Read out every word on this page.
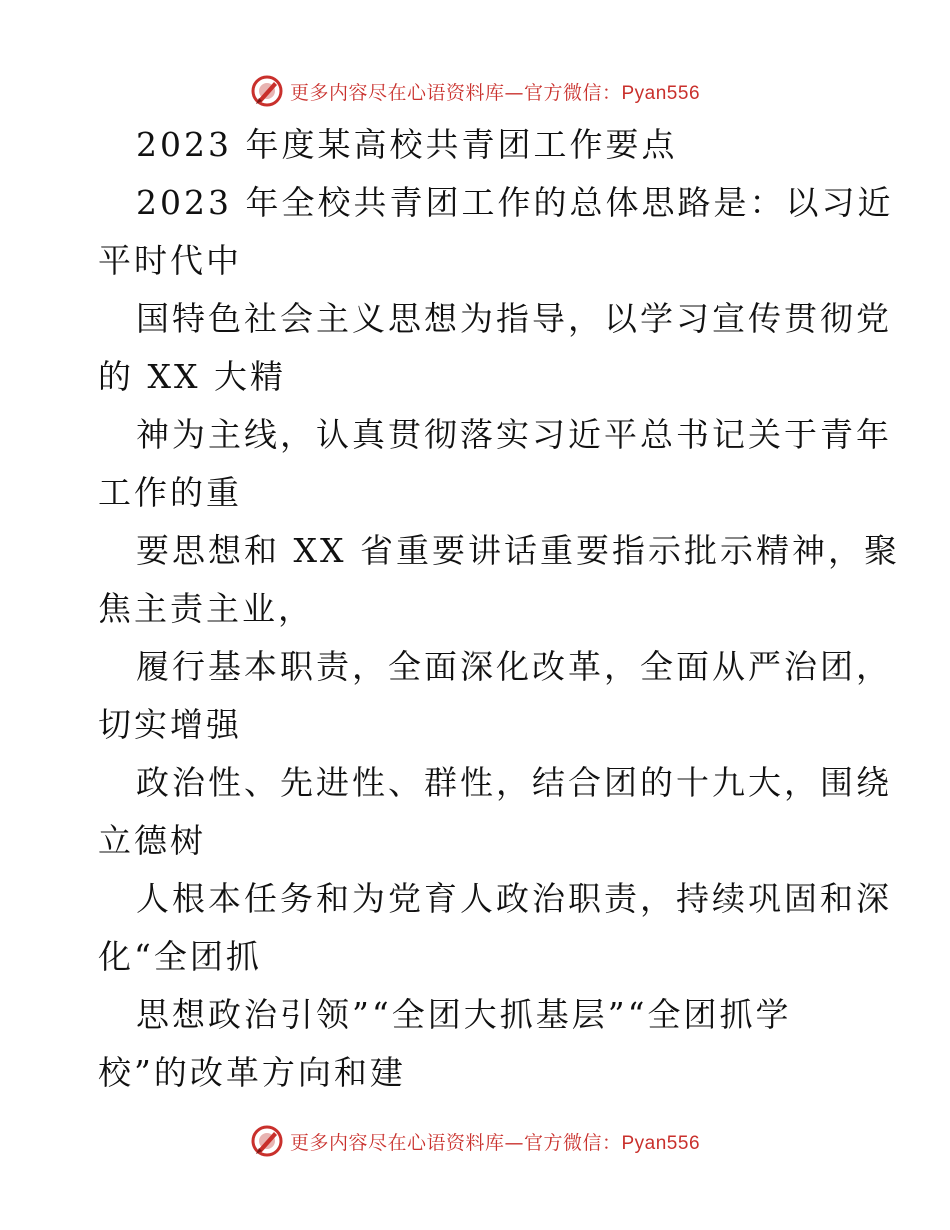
更多内容尽在心语资料库—官方微信：Pyan556
2023 年度某高校共青团工作要点
2023 年全校共青团工作的总体思路是：以习近
平时代中
国特色社会主义思想为指导，以学习宣传贯彻党
的 XX 大精
神为主线，认真贯彻落实习近平总书记关于青年
工作的重
要思想和 XX 省重要讲话重要指示批示精神，聚
焦主责主业，
履行基本职责，全面深化改革，全面从严治团，
切实增强
政治性、先进性、群性，结合团的十九大，围绕
立德树
人根本任务和为党育人政治职责，持续巩固和深
化“全团抓
思想政治引领”“全团大抓基层”“全团抓学
校”的改革方向和建
更多内容尽在心语资料库—官方微信：Pyan556
